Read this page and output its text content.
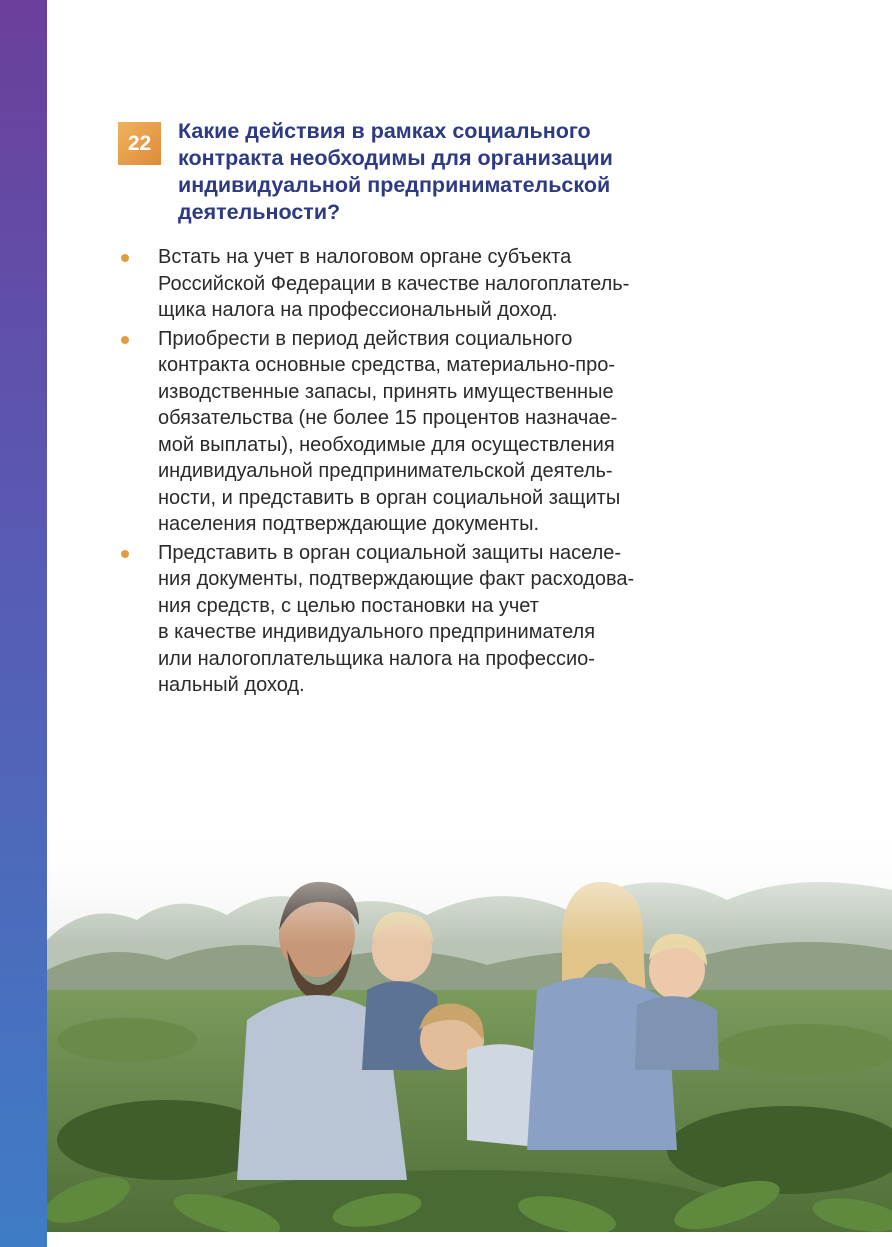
22	Какие действия в рамках социального
контракта необходимы для организации
индивидуальной предпринимательской
деятельности?
Встать на учет в налоговом органе субъекта
Российской Федерации в качестве налогоплатель-
щика налога на профессиональный доход.
Приобрести в период действия социального
контракта основные средства, материально-про-
изводственные запасы, принять имущественные
обязательства (не более 15 процентов назначае-
мой выплаты), необходимые для осуществления
индивидуальной предпринимательской деятель-
ности, и представить в орган социальной защиты
населения подтверждающие документы.
Представить в орган социальной защиты населе-
ния документы, подтверждающие факт расходова-
ния средств, с целью постановки на учет
в качестве индивидуального предпринимателя
или налогоплательщика налога на профессио-
нальный доход.
